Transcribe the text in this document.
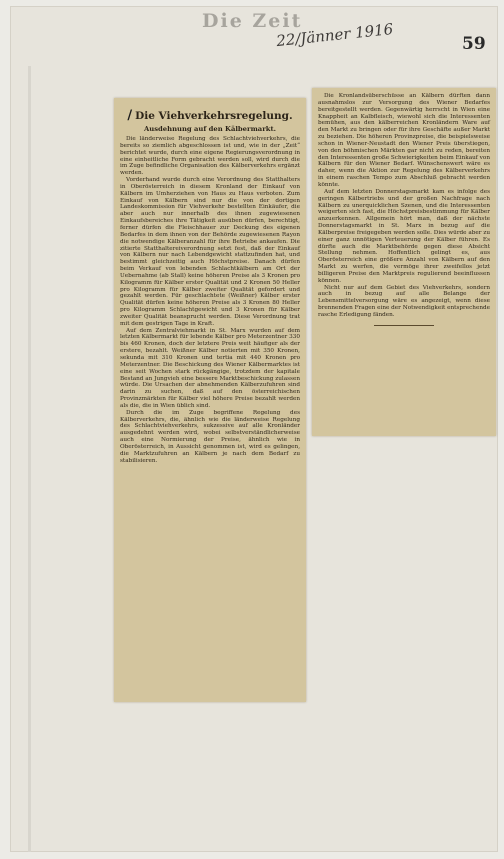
Die Zeit
22/Jänner 1916	59
/ Die Viehverkehrsregelung.
Ausdehnung auf den Kälbermarkt.

Die länderweise Regelung des Schlachtviehverkehrs, die bereits so ziemlich abgeschlossen ist und, wie in der „Zeit“ berichtet wurde, durch eine eigene Regierungsverordnung in eine einheitliche Form gebracht werden soll, wird durch die im Zuge befindliche Organisation des Kälberverkehrs ergänzt werden.

Vorderhand wurde durch eine Verordnung des Statthalters in Oberösterreich in diesem Kronland der Einkauf von Kälbern im Umherziehen von Haus zu Haus verboten. Zum Einkauf von Kälbern sind nur die von der dortigen Landeskommission für Viehverkehr bestellten Einkäufer, die aber auch nur innerhalb des ihnen zugewiesenen Einkaufsbereiches ihre Tätigkeit ausüben dürfen, berechtigt, ferner dürfen die Fleischhauer zur Deckung des eigenen Bedarfes in dem ihnen von der Behörde zugewiesenen Rayon die notwendige Kälberanzahl für ihre Betriebe ankaufen. Die zitierte Statthaltereiverordnung setzt fest, daß der Einkauf von Kälbern nur nach Lebendgewicht stattzufinden hat, und bestimmt gleichzeitig auch Höchstpreise. Danach dürfen beim Verkauf von lebenden Schlachtkälbern am Ort der Uebernahme (ab Stall) keine höheren Preise als 3 Kronen pro Kilogramm für Kälber erster Qualität und 2 Kronen 50 Heller pro Kilogramm für Kälber zweiter Qualität gefordert und gezahlt werden. Für geschlachtete (Weißner) Kälber erster Qualität dürfen keine höheren Preise als 3 Kronen 80 Heller pro Kilogramm Schlachtgewicht und 3 Kronen für Kälber zweiter Qualität beansprucht werden. Diese Verordnung trat mit dem gestrigen Tage in Kraft.

Auf dem Zentralviehmarkt in St. Marx wurden auf dem letzten Kälbermarkt für lebende Kälber pro Meterzentner 330 bis 460 Kronen, doch der letztere Preis weit häufiger als der erstere, bezahlt. Weißner Kälber notierten mit 350 Kronen, sekunda mit 310 Kronen und tertia mit 440 Kronen pro Meterzentner. Die Beschickung des Wiener Kälbermarktes ist eine seit Wochen stark rückgängige, trotzdem der kapitale Bestand an Jungvieh eine bessere Marktbeschickung zulassen würde. Die Ursachen der abnehmenden Kälberzufuhren sind darin zu suchen, daß auf den österreichischen Provinzmärkten für Kälber viel höhere Preise bezahlt werden als die, die in Wien üblich sind.

Durch die im Zuge begriffene Regelung des Kälberverkehrs, die, ähnlich wie die länderweise Regelung des Schlachtviehverkehrs, sukzessive auf alle Kronländer ausgedehnt werden wird, wobei selbstverständlicherweise auch eine Normierung der Preise, ähnlich wie in Oberösterreich, in Aussicht genommen ist, wird es gelingen, die Marktzufuhren an Kälbern je nach dem Bedarf zu stabilisieren.

Die Kronlandsüberschüsse an Kälbern dürften dann ausnahmslos zur Versorgung des Wiener Bedarfes bereitgestellt werden. Gegenwärtig herrscht in Wien eine Knappheit an Kalbfleisch, wiewohl sich die Interessenten bemühen, aus den kälberreichen Kronländern Ware auf den Markt zu bringen oder für ihre Geschäfte außer Markt zu beziehen. Die höheren Provinzpreise, die beispielsweise schon in Wiener-Neustadt den Wiener Preis überstiegen, von den böhmischen Märkten gar nicht zu reden, bereiten den Interessenten große Schwierigkeiten beim Einkauf von Kälbern für den Wiener Bedarf. Wünschenswert wäre es daher, wenn die Aktion zur Regelung des Kälberverkehrs in einem raschen Tempo zum Abschluß gebracht werden könnte.

Auf dem letzten Donnerstagsmarkt kam es infolge des geringen Kälbertriebs und der großen Nachfrage nach Kälbern zu unerquicklichen Szenen, und die Interessenten weigerten sich fast, die Höchstpreisbestimmung für Kälber anzuerkennen. Allgemein hört man, daß der nächste Donnerstagsmarkt in St. Marx in bezug auf die Kälberpreise freigegeben werden solle. Dies würde aber zu einer ganz unnötigen Verteuerung der Kälber führen. Es dürfte auch die Marktbehörde gegen diese Absicht Stellung nehmen. Hoffentlich gelingt es, aus Oberösterreich eine größere Anzahl von Kälbern auf den Markt zu werfen, die vermöge ihrer zweifellos jetzt billigeren Preise den Marktpreis regulierend beeinflussen können.

Nicht nur auf dem Gebiet des Viehverkehrs, sondern auch in bezug auf alle Belange der Lebensmittelversorgung wäre es angezeigt, wenn diese brennenden Fragen eine der Notwendigkeit entsprechende rasche Erledigung fänden.
